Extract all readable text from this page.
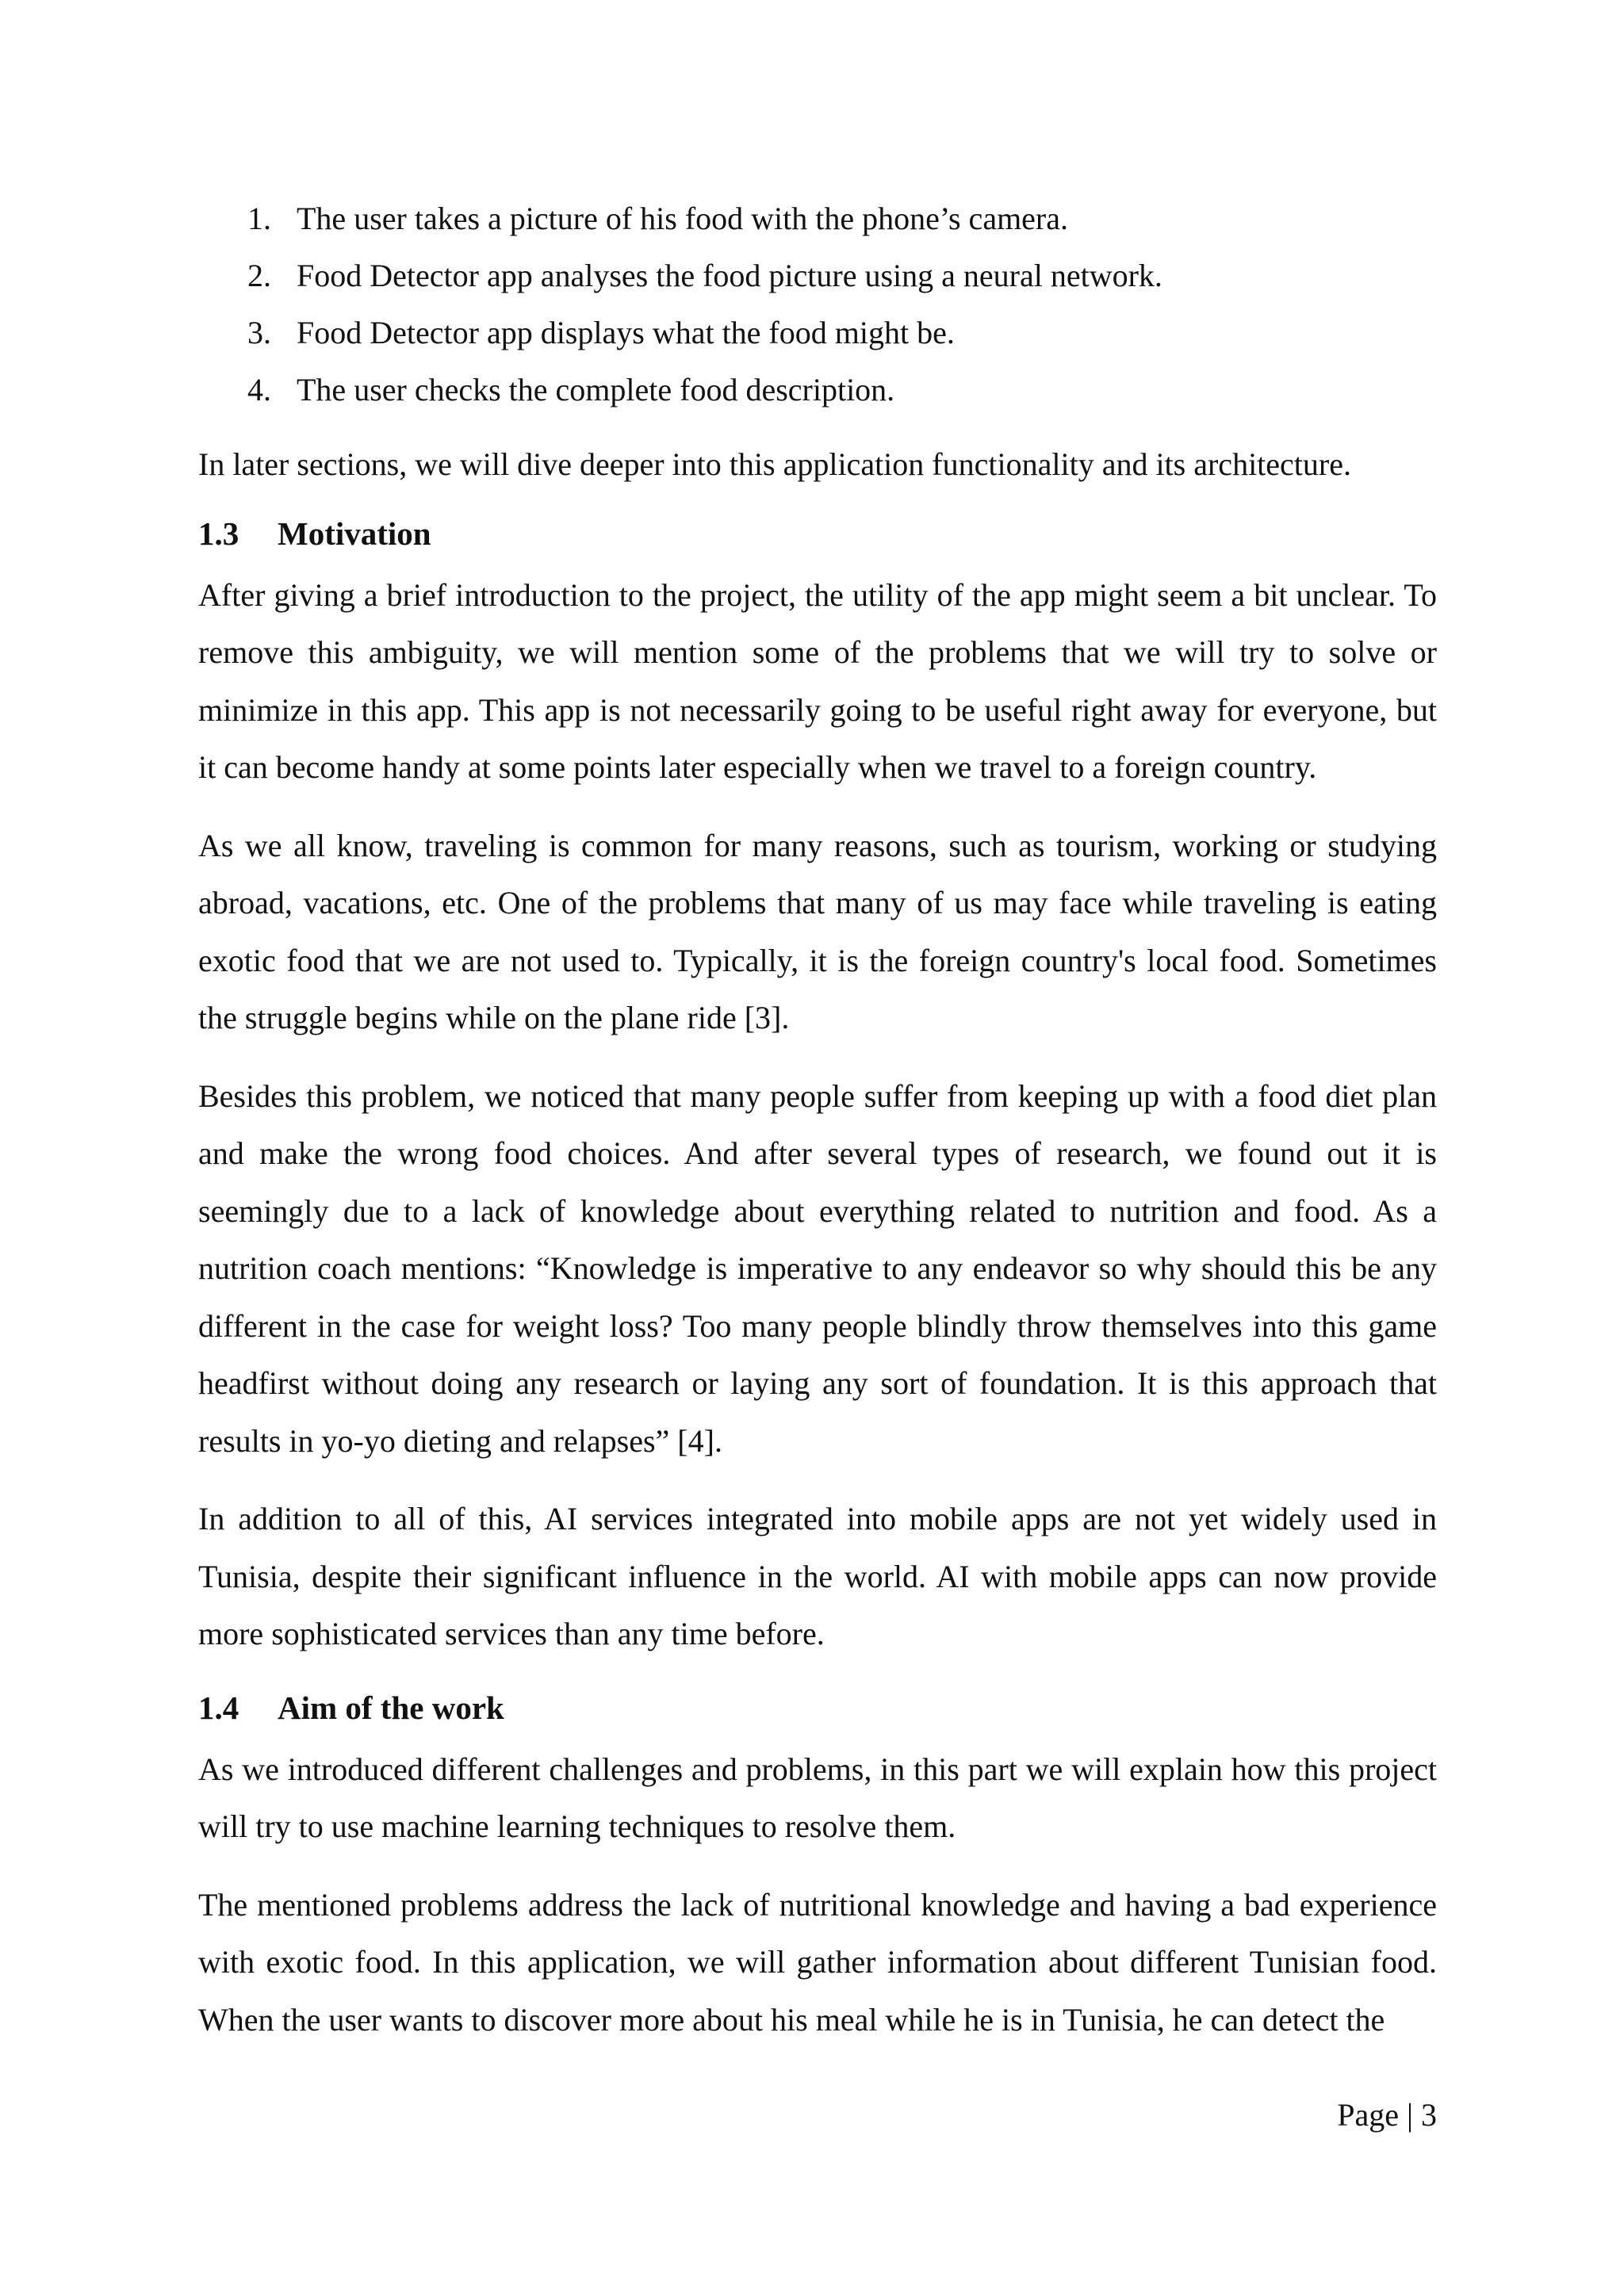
1. The user takes a picture of his food with the phone’s camera.
2. Food Detector app analyses the food picture using a neural network.
3. Food Detector app displays what the food might be.
4. The user checks the complete food description.

In later sections, we will dive deeper into this application functionality and its architecture.

1.3 Motivation

After giving a brief introduction to the project, the utility of the app might seem a bit unclear. To remove this ambiguity, we will mention some of the problems that we will try to solve or minimize in this app. This app is not necessarily going to be useful right away for everyone, but it can become handy at some points later especially when we travel to a foreign country.

As we all know, traveling is common for many reasons, such as tourism, working or studying abroad, vacations, etc. One of the problems that many of us may face while traveling is eating exotic food that we are not used to. Typically, it is the foreign country's local food. Sometimes the struggle begins while on the plane ride [3].

Besides this problem, we noticed that many people suffer from keeping up with a food diet plan and make the wrong food choices. And after several types of research, we found out it is seemingly due to a lack of knowledge about everything related to nutrition and food. As a nutrition coach mentions: “Knowledge is imperative to any endeavor so why should this be any different in the case for weight loss? Too many people blindly throw themselves into this game headfirst without doing any research or laying any sort of foundation. It is this approach that results in yo-yo dieting and relapses” [4].

In addition to all of this, AI services integrated into mobile apps are not yet widely used in Tunisia, despite their significant influence in the world. AI with mobile apps can now provide more sophisticated services than any time before.

1.4 Aim of the work

As we introduced different challenges and problems, in this part we will explain how this project will try to use machine learning techniques to resolve them.

The mentioned problems address the lack of nutritional knowledge and having a bad experience with exotic food. In this application, we will gather information about different Tunisian food. When the user wants to discover more about his meal while he is in Tunisia, he can detect the

Page | 3
